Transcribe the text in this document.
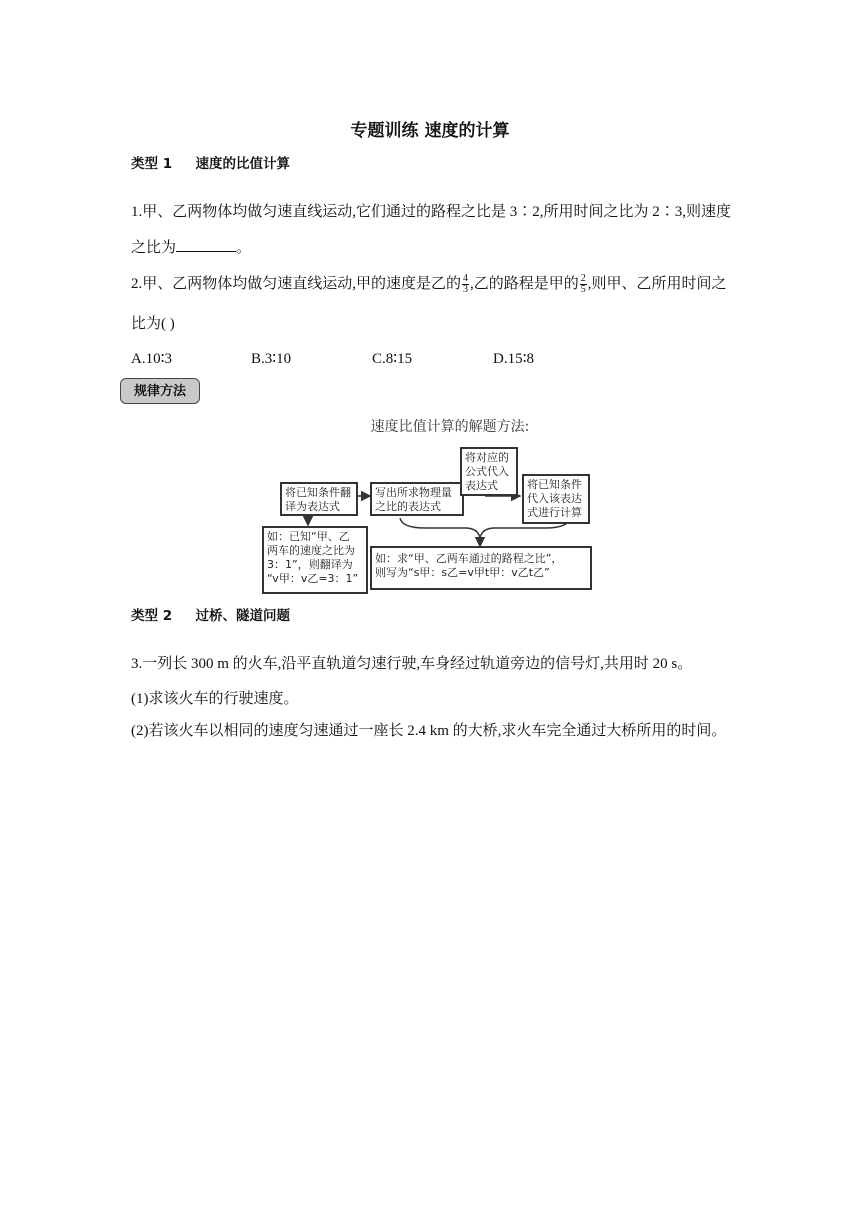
专题训练 速度的计算
类型 1 速度的比值计算
1.甲、乙两物体均做匀速直线运动,它们通过的路程之比是 3∶2,所用时间之比为 2∶3,则速度
之比为	。
2.甲、乙两物体均做匀速直线运动,甲的速度是乙的 $\frac{4}{3}$ ,乙的路程是甲的 $\frac{2}{5}$ ,则甲、乙所用时间之
比为( )
A.10∶3	B.3∶10	C.8∶15	D.15∶8
规律方法
速度比值计算的解题方法:
将已知条件翻
译为表达式
写出所求物理量
之比的表达式
将对应的
公式代入
表达式	将已知条件
代入该表达
式进行计算
如：已知“甲、乙
两车的速度之比为
3：1”，则翻译为
“v甲：v乙=3：1”
如：求“甲、乙两车通过的路程之比”，
则写为“s甲：s乙=v甲t甲：v乙t乙”
类型 2 过桥、隧道问题
3.一列长 300 m 的火车,沿平直轨道匀速行驶,车身经过轨道旁边的信号灯,共用时 20 s。
(1)求该火车的行驶速度。
(2)若该火车以相同的速度匀速通过一座长 2.4 km 的大桥,求火车完全通过大桥所用的时间。
